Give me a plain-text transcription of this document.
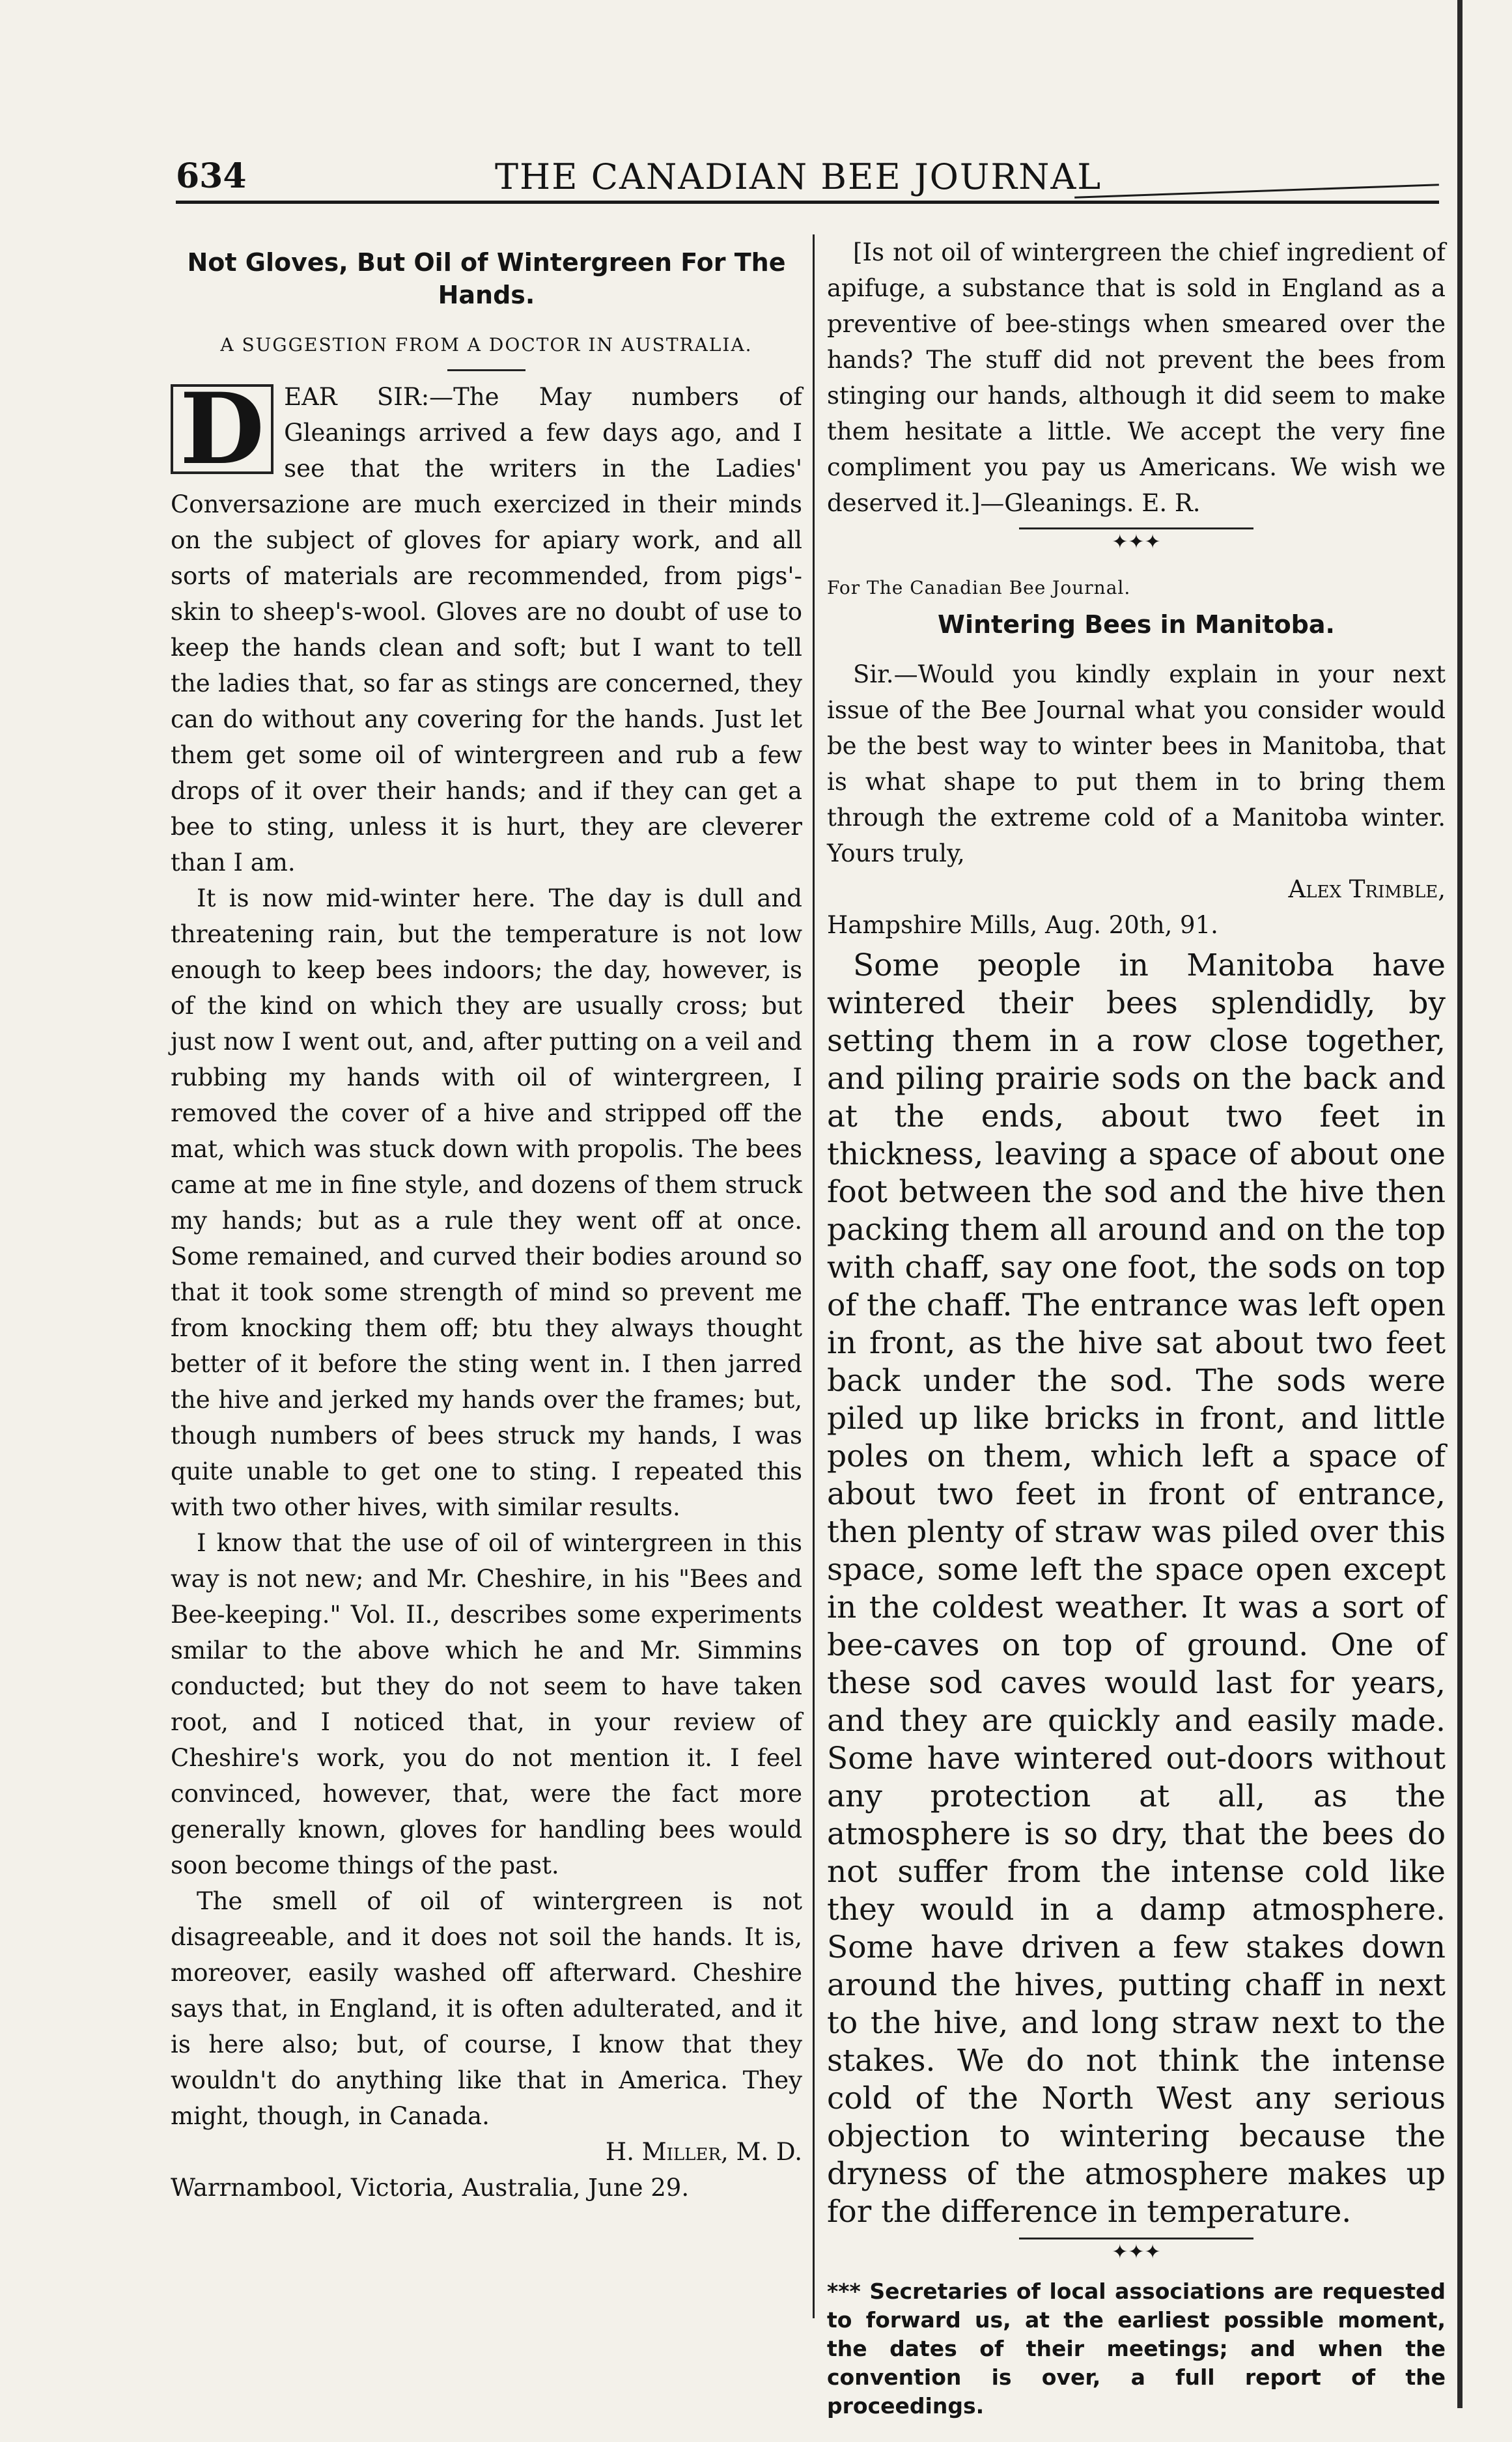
634	THE CANADIAN BEE JOURNAL
Not Gloves, But Oil of Wintergreen For The Hands.
A SUGGESTION FROM A DOCTOR IN AUSTRALIA.

D EAR SIR:—The May numbers of Gleanings arrived a few days ago, and I see that the writers in the Ladies' Conversazione are much exercized in their minds on the subject of gloves for apiary work, and all sorts of materials are recommended, from pigs'-skin to sheep's-wool. Gloves are no doubt of use to keep the hands clean and soft; but I want to tell the ladies that, so far as stings are concerned, they can do without any covering for the hands. Just let them get some oil of wintergreen and rub a few drops of it over their hands; and if they can get a bee to sting, unless it is hurt, they are cleverer than I am.

It is now mid-winter here. The day is dull and threatening rain, but the temperature is not low enough to keep bees indoors; the day, however, is of the kind on which they are usually cross; but just now I went out, and, after putting on a veil and rubbing my hands with oil of wintergreen, I removed the cover of a hive and stripped off the mat, which was stuck down with propolis. The bees came at me in fine style, and dozens of them struck my hands; but as a rule they went off at once. Some remained, and curved their bodies around so that it took some strength of mind so prevent me from knocking them off; btu they always thought better of it before the sting went in. I then jarred the hive and jerked my hands over the frames; but, though numbers of bees struck my hands, I was quite unable to get one to sting. I repeated this with two other hives, with similar results.

I know that the use of oil of wintergreen in this way is not new; and Mr. Cheshire, in his "Bees and Bee-keeping." Vol. II., describes some experiments smilar to the above which he and Mr. Simmins conducted; but they do not seem to have taken root, and I noticed that, in your review of Cheshire's work, you do not mention it. I feel convinced, however, that, were the fact more generally known, gloves for handling bees would soon become things of the past.

The smell of oil of wintergreen is not disagreeable, and it does not soil the hands. It is, moreover, easily washed off afterward. Cheshire says that, in England, it is often adulterated, and it is here also; but, of course, I know that they wouldn't do anything like that in America. They might, though, in Canada.

H. Miller, M. D.

Warrnambool, Victoria, Australia, June 29.

[Is not oil of wintergreen the chief ingredient of apifuge, a substance that is sold in England as a preventive of bee-stings when smeared over the hands? The stuff did not prevent the bees from stinging our hands, although it did seem to make them hesitate a little. We accept the very fine compliment you pay us Americans. We wish we deserved it.]—Gleanings. E. R.

✦✦✦

For The Canadian Bee Journal.

Wintering Bees in Manitoba.

Sir.—Would you kindly explain in your next issue of the Bee Journal what you consider would be the best way to winter bees in Manitoba, that is what shape to put them in to bring them through the extreme cold of a Manitoba winter. Yours truly,

Alex Trimble,

Hampshire Mills, Aug. 20th, 91.

Some people in Manitoba have wintered their bees splendidly, by setting them in a row close together, and piling prairie sods on the back and at the ends, about two feet in thickness, leaving a space of about one foot between the sod and the hive then packing them all around and on the top with chaff, say one foot, the sods on top of the chaff. The entrance was left open in front, as the hive sat about two feet back under the sod. The sods were piled up like bricks in front, and little poles on them, which left a space of about two feet in front of entrance, then plenty of straw was piled over this space, some left the space open except in the coldest weather. It was a sort of bee-caves on top of ground. One of these sod caves would last for years, and they are quickly and easily made. Some have wintered out-doors without any protection at all, as the atmosphere is so dry, that the bees do not suffer from the intense cold like they would in a damp atmosphere. Some have driven a few stakes down around the hives, putting chaff in next to the hive, and long straw next to the stakes. We do not think the intense cold of the North West any serious objection to wintering because the dryness of the atmosphere makes up for the difference in temperature.

✦✦✦

*** Secretaries of local associations are requested to forward us, at the earliest possible moment, the dates of their meetings; and when the convention is over, a full report of the proceedings.
